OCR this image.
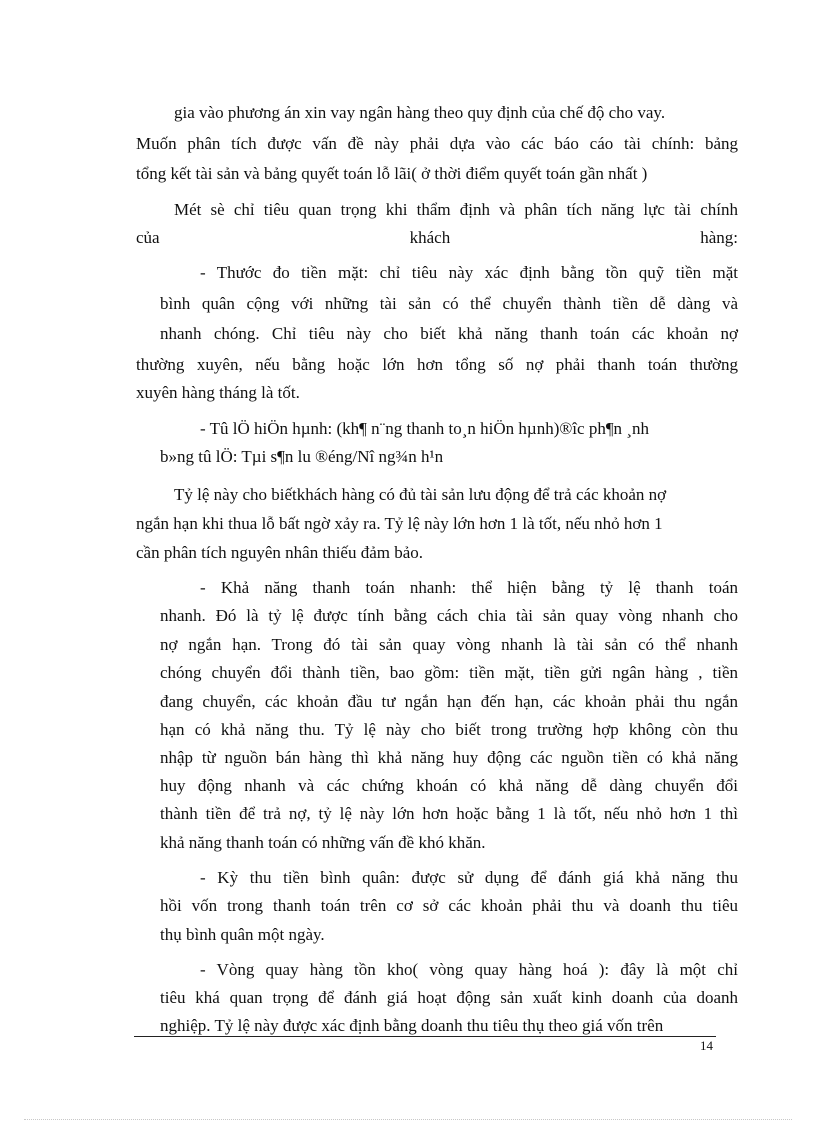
gia vào phương án xin vay ngân hàng theo quy định của chế độ cho vay.
Muốn phân tích được vấn đề này phải dựa vào các báo cáo tài chính: bảng
tổng kết tài sản và bảng quyết toán lỗ lãi( ở thời điểm quyết toán gần nhất )
Mét sè chỉ tiêu quan trọng khi thẩm định và phân tích năng lực tài chính
của khách hàng:
- Thước đo tiền mặt: chỉ tiêu này xác định bằng tồn quỹ tiền mặt
bình quân cộng với những tài sản có thể chuyển thành tiền dễ dàng và
nhanh chóng. Chỉ tiêu này cho biết khả năng thanh toán các khoản nợ
thường xuyên, nếu bằng hoặc lớn hơn tổng số nợ phải thanh toán thường
xuyên hàng tháng là tốt.
- Tû lÖ hiÖn hµnh: (kh¶ n¨ng thanh to¸n hiÖn hµnh)®îc ph¶n ¸nh
b»ng tû lÖ: Tµi s¶n lu ®éng/Nî ng¾n h¹n
Tỷ lệ này cho biếtkhách hàng có đủ tài sản lưu động để trả các khoản nợ
ngắn hạn khi thua lỗ bất ngờ xảy ra. Tỷ lệ này lớn hơn 1 là tốt, nếu nhỏ hơn 1
cần phân tích nguyên nhân thiếu đảm bảo.
- Khả năng thanh toán nhanh: thể hiện bằng tỷ lệ thanh toán
nhanh. Đó là tỷ lệ được tính bằng cách chia tài sản quay vòng nhanh cho
nợ ngắn hạn. Trong đó tài sản quay vòng nhanh là tài sản có thể nhanh
chóng chuyển đổi thành tiền, bao gồm: tiền mặt, tiền gửi ngân hàng , tiền
đang chuyển, các khoản đầu tư ngắn hạn đến hạn, các khoản phải thu ngắn
hạn có khả năng thu. Tỷ lệ này cho biết trong trường hợp không còn thu
nhập từ nguồn bán hàng thì khả năng huy động các nguồn tiền có khả năng
huy động nhanh và các chứng khoán có khả năng dễ dàng chuyển đổi
thành tiền để trả nợ, tỷ lệ này lớn hơn hoặc bằng 1 là tốt, nếu nhỏ hơn 1 thì
khả năng thanh toán có những vấn đề khó khăn.
- Kỳ thu tiền bình quân: được sử dụng để đánh giá khả năng thu
hồi vốn trong thanh toán trên cơ sở các khoản phải thu và doanh thu tiêu
thụ bình quân một ngày.
- Vòng quay hàng tồn kho( vòng quay hàng hoá ): đây là một chỉ
tiêu khá quan trọng để đánh giá hoạt động sản xuất kinh doanh của doanh
nghiệp. Tỷ lệ này được xác định bằng doanh thu tiêu thụ theo giá vốn trên
14
